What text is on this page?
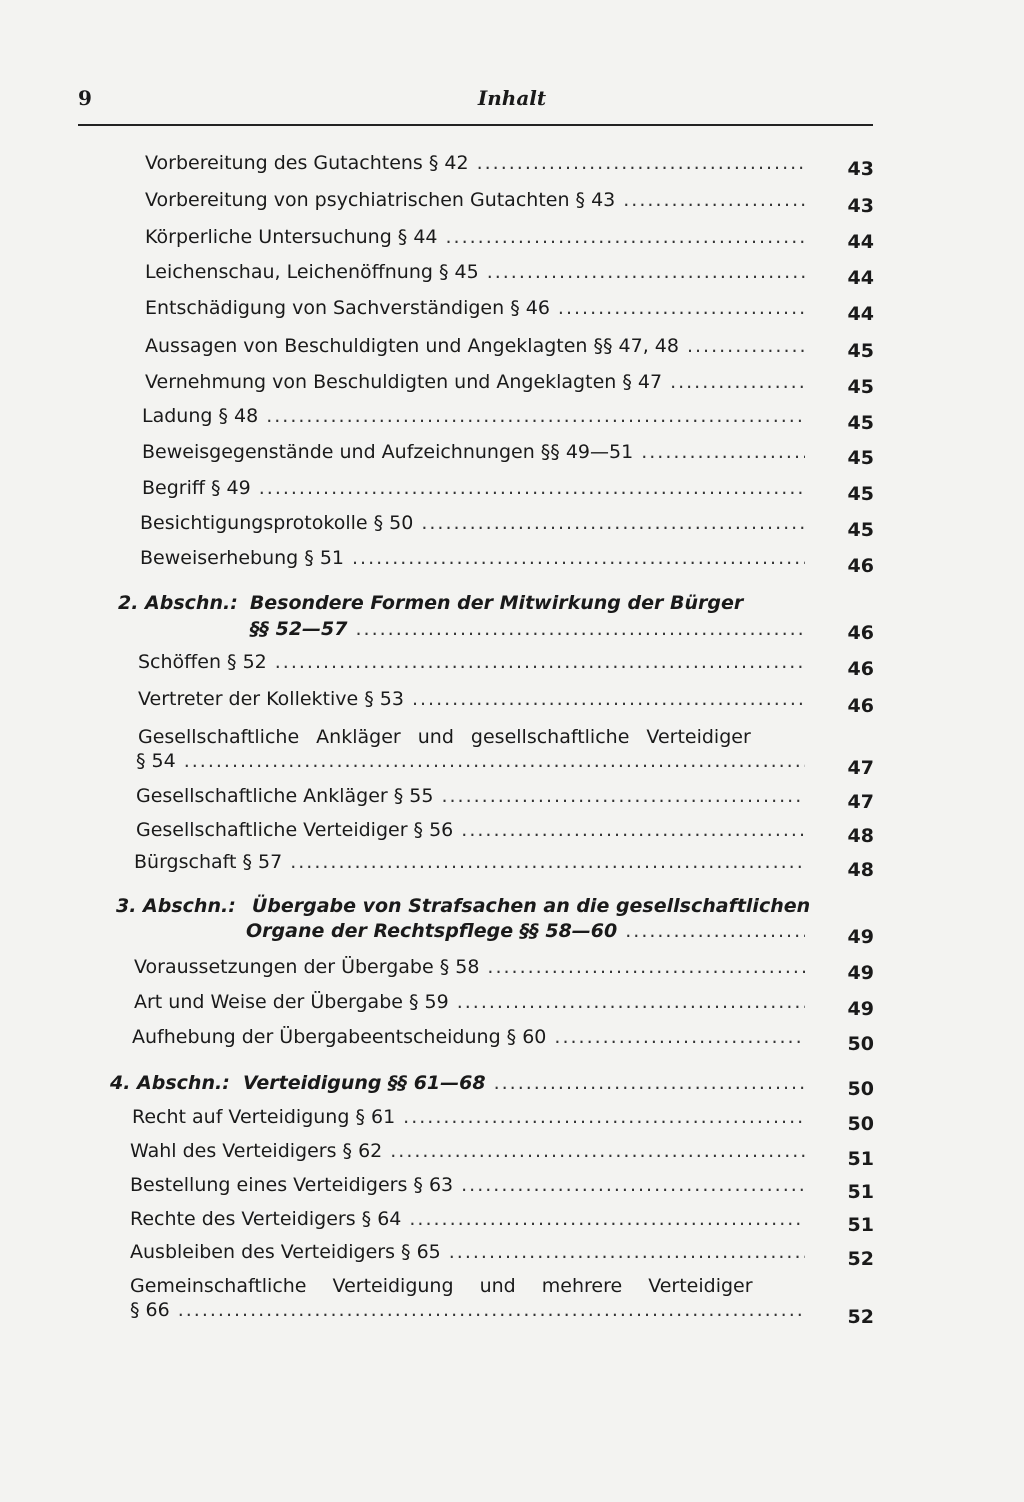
9	Inhalt
Vorbereitung des Gutachtens § 42 .....	43
Vorbereitung von psychiatrischen Gutachten § 43 .....	43
Körperliche Untersuchung § 44 .....	44
Leichenschau, Leichenöffnung § 45 .....	44
Entschädigung von Sachverständigen § 46 .....	44
Aussagen von Beschuldigten und Angeklagten §§ 47, 48 .....	45
Vernehmung von Beschuldigten und Angeklagten § 47 .....	45
Ladung § 48 .....	45
Beweisgegenstände und Aufzeichnungen §§ 49—51 .....	45
Begriff § 49 .....	45
Besichtigungsprotokolle § 50 .....	45
Beweiserhebung § 51 .....	46
2. Abschn.: Besondere Formen der Mitwirkung der Bürger
§§ 52—57 .....	46
Schöffen § 52 .....	46
Vertreter der Kollektive § 53 .....	46
Gesellschaftliche Ankläger und gesellschaftliche Verteidiger
§ 54 .....	47
Gesellschaftliche Ankläger § 55 .....	47
Gesellschaftliche Verteidiger § 56 .....	48
Bürgschaft § 57 .....	48
3. Abschn.: Übergabe von Strafsachen an die gesellschaftlichen
Organe der Rechtspflege §§ 58—60 .....	49
Voraussetzungen der Übergabe § 58 .....	49
Art und Weise der Übergabe § 59 .....	49
Aufhebung der Übergabeentscheidung § 60 .....	50
4. Abschn.: Verteidigung §§ 61—68 .....	50
Recht auf Verteidigung § 61 .....	50
Wahl des Verteidigers § 62 .....	51
Bestellung eines Verteidigers § 63 .....	51
Rechte des Verteidigers § 64 .....	51
Ausbleiben des Verteidigers § 65 .....	52
Gemeinschaftliche Verteidigung und mehrere Verteidiger
§ 66 .....	52
